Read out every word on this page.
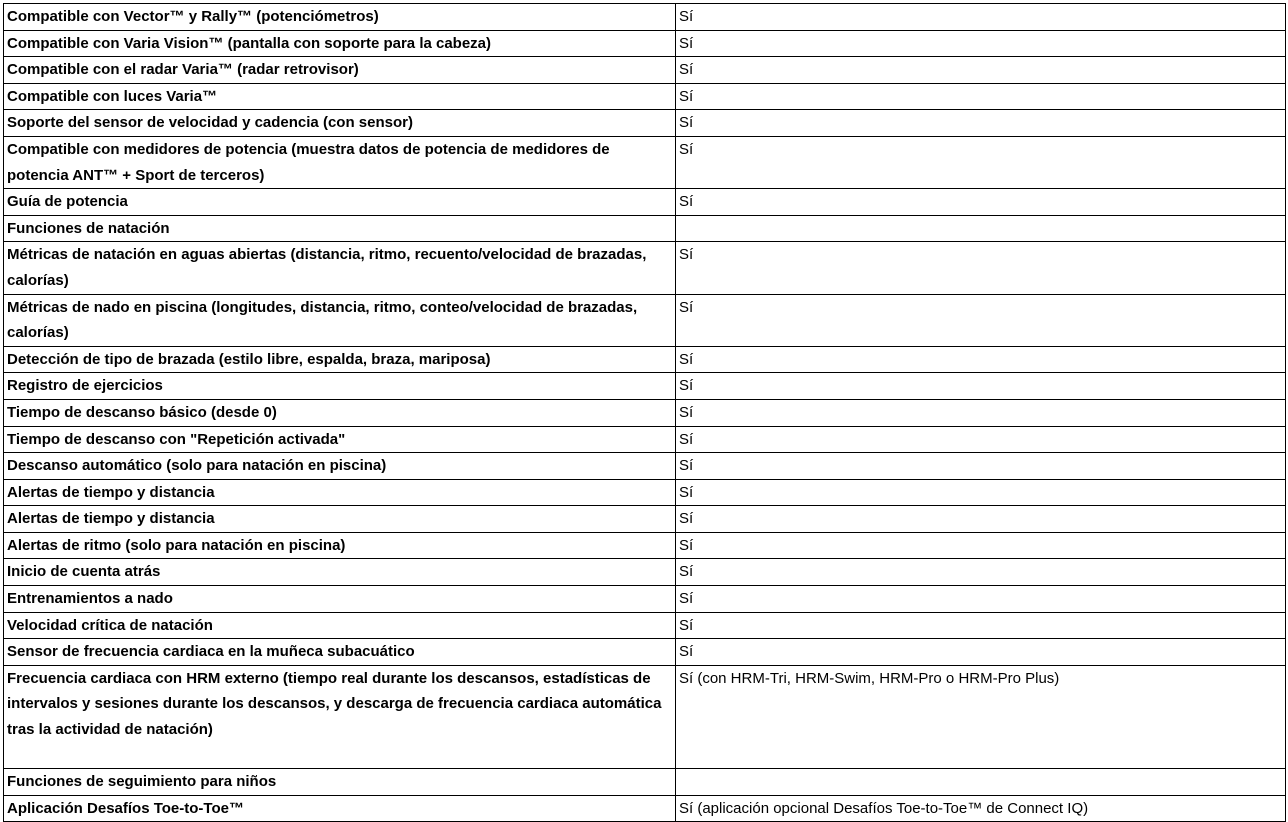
Compatible con Vector™ y Rally™ (potenciómetros)	Sí
Compatible con Varia Vision™ (pantalla con soporte para la cabeza)	Sí
Compatible con el radar Varia™ (radar retrovisor)	Sí
Compatible con luces Varia™	Sí
Soporte del sensor de velocidad y cadencia (con sensor)	Sí
Compatible con medidores de potencia (muestra datos de potencia de medidores de potencia ANT™ + Sport de terceros)	Sí
Guía de potencia	Sí
Funciones de natación	
Métricas de natación en aguas abiertas (distancia, ritmo, recuento/velocidad de brazadas, calorías)	Sí
Métricas de nado en piscina (longitudes, distancia, ritmo, conteo/velocidad de brazadas, calorías)	Sí
Detección de tipo de brazada (estilo libre, espalda, braza, mariposa)	Sí
Registro de ejercicios	Sí
Tiempo de descanso básico (desde 0)	Sí
Tiempo de descanso con "Repetición activada"	Sí
Descanso automático (solo para natación en piscina)	Sí
Alertas de tiempo y distancia	Sí
Alertas de tiempo y distancia	Sí
Alertas de ritmo (solo para natación en piscina)	Sí
Inicio de cuenta atrás	Sí
Entrenamientos a nado	Sí
Velocidad crítica de natación	Sí
Sensor de frecuencia cardiaca en la muñeca subacuático	Sí
Frecuencia cardiaca con HRM externo (tiempo real durante los descansos, estadísticas de intervalos y sesiones durante los descansos, y descarga de frecuencia cardiaca automática tras la actividad de natación)	Sí (con HRM-Tri, HRM-Swim, HRM-Pro o HRM-Pro Plus)
Funciones de seguimiento para niños	
Aplicación Desafíos Toe-to-Toe™	Sí (aplicación opcional Desafíos Toe-to-Toe™ de Connect IQ)
